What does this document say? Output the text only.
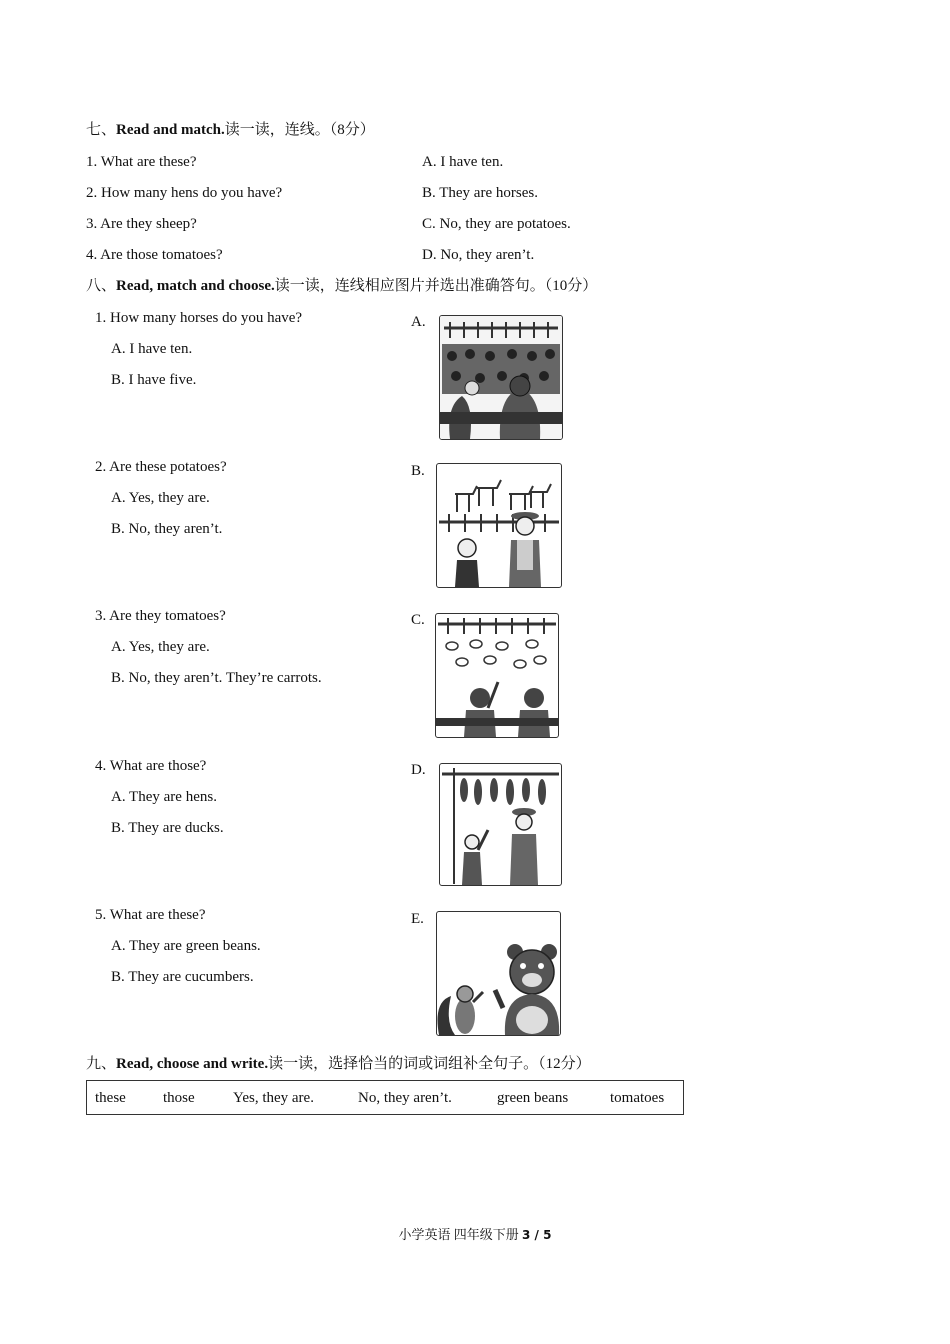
七、Read and match.读一读，连线。（8分）
1. What are these?
2. How many hens do you have?
3. Are they sheep?
4. Are those tomatoes?
A. I have ten.
B. They are horses.
C. No, they are potatoes.
D. No, they aren’t.
八、Read, match and choose.读一读，连线相应图片并选出准确答句。（10分）
1. How many horses do you have?
A. I have ten.
B. I have five.
2. Are these potatoes?
A. Yes, they are.
B. No, they aren’t.
3. Are they tomatoes?
A. Yes, they are.
B. No, they aren’t. They’re carrots.
4. What are those?
A. They are hens.
B. They are ducks.
5. What are these?
A. They are green beans.
B. They are cucumbers.
A.
B.
C.
D.
E.
九、Read, choose and write.读一读，选择恰当的词或词组补全句子。（12分）
these those	Yes, they are.	No, they aren’t.	green beans	tomatoes
小学英语 四年级下册 3 / 5
